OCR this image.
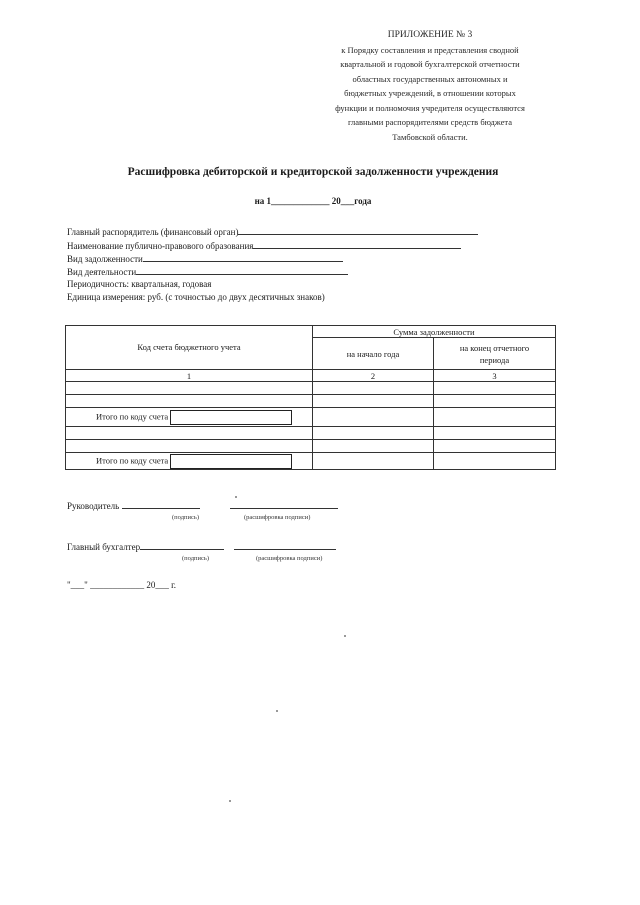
ПРИЛОЖЕНИЕ № 3
к Порядку составления и представления сводной
квартальной и годовой бухгалтерской отчетности
областных государственных автономных и
бюджетных учреждений, в отношении которых
функции и полномочия учредителя осуществляются
главными распорядителями средств бюджета
Тамбовской области.
Расшифровка дебиторской и кредиторской задолженности учреждения
на 1_____________ 20___года
Главный распорядитель (финансовый орган)
Наименование публично-правового образования
Вид задолженности
Вид деятельности
Периодичность: квартальная, годовая
Единица измерения: руб. (с точностью до двух десятичных знаков)
Код счета бюджетного учета	Сумма задолженности	
	на начало года	на конец отчетного периода
1	2	3

Итого по коду счета		

Итого по коду счета		
Руководитель
(подпись)	(расшифровка подписи)
Главный бухгалтер
(подпись)	(расшифровка подписи)
"___" ____________ 20___ г.
